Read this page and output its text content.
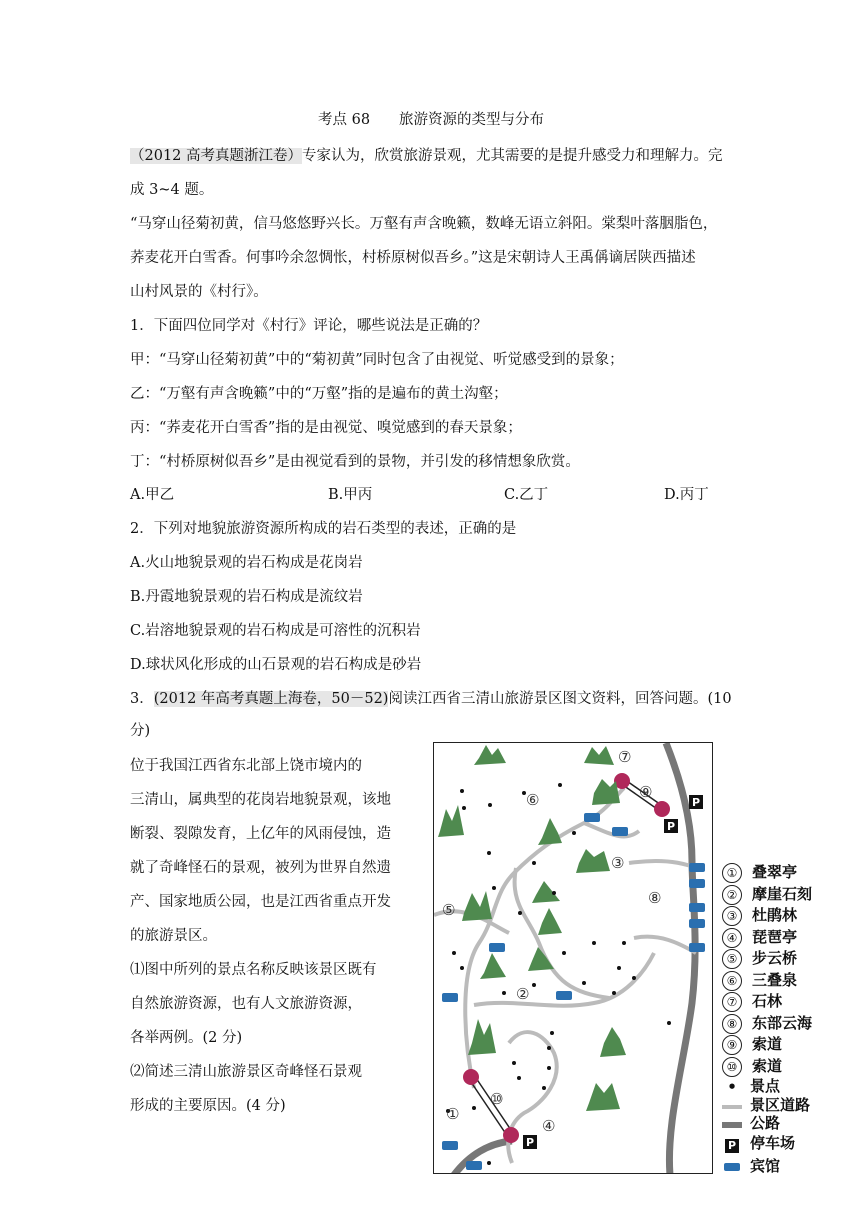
考点 68　　旅游资源的类型与分布
（2012 高考真题浙江卷）专家认为，欣赏旅游景观，尤其需要的是提升感受力和理解力。完
成 3~4 题。
“马穿山径菊初黄，信马悠悠野兴长。万壑有声含晚籁，数峰无语立斜阳。棠梨叶落胭脂色，
荞麦花开白雪香。何事吟余忽惆怅，村桥原树似吾乡。”这是宋朝诗人王禹偁谪居陕西描述
山村风景的《村行》。
1．下面四位同学对《村行》评论，哪些说法是正确的？
甲：“马穿山径菊初黄”中的“菊初黄”同时包含了由视觉、听觉感受到的景象；
乙：“万壑有声含晚籁”中的“万壑”指的是遍布的黄土沟壑；
丙：“荞麦花开白雪香”指的是由视觉、嗅觉感到的春天景象；
丁：“村桥原树似吾乡”是由视觉看到的景物，并引发的移情想象欣赏。
A.甲乙	B.甲丙	C.乙丁	D.丙丁
2．下列对地貌旅游资源所构成的岩石类型的表述，正确的是
A.火山地貌景观的岩石构成是花岗岩
B.丹霞地貌景观的岩石构成是流纹岩
C.岩溶地貌景观的岩石构成是可溶性的沉积岩
D.球状风化形成的山石景观的岩石构成是砂岩
3．(2012 年高考真题上海卷，50－52)阅读江西省三清山旅游景区图文资料，回答问题。(10
分)
位于我国江西省东北部上饶市境内的
三清山，属典型的花岗岩地貌景观，该地
断裂、裂隙发育，上亿年的风雨侵蚀，造
就了奇峰怪石的景观，被列为世界自然遗
产、国家地质公园，也是江西省重点开发
的旅游景区。
⑴图中所列的景点名称反映该景区既有
自然旅游资源，也有人文旅游资源，
各举两例。(2 分)
⑵简述三清山旅游景区奇峰怪石景观
形成的主要原因。(4 分)
P
P
P
①
②
③
④
⑤
⑥
⑦
⑧
⑨
⑩
① 叠翠亭
② 摩崖石刻
③ 杜鹃林
④ 琵琶亭
⑤ 步云桥
⑥ 三叠泉
⑦ 石林
⑧ 东部云海
⑨ 索道
⑩ 索道
• 景点
景区道路
公路
P 停车场
宾馆
